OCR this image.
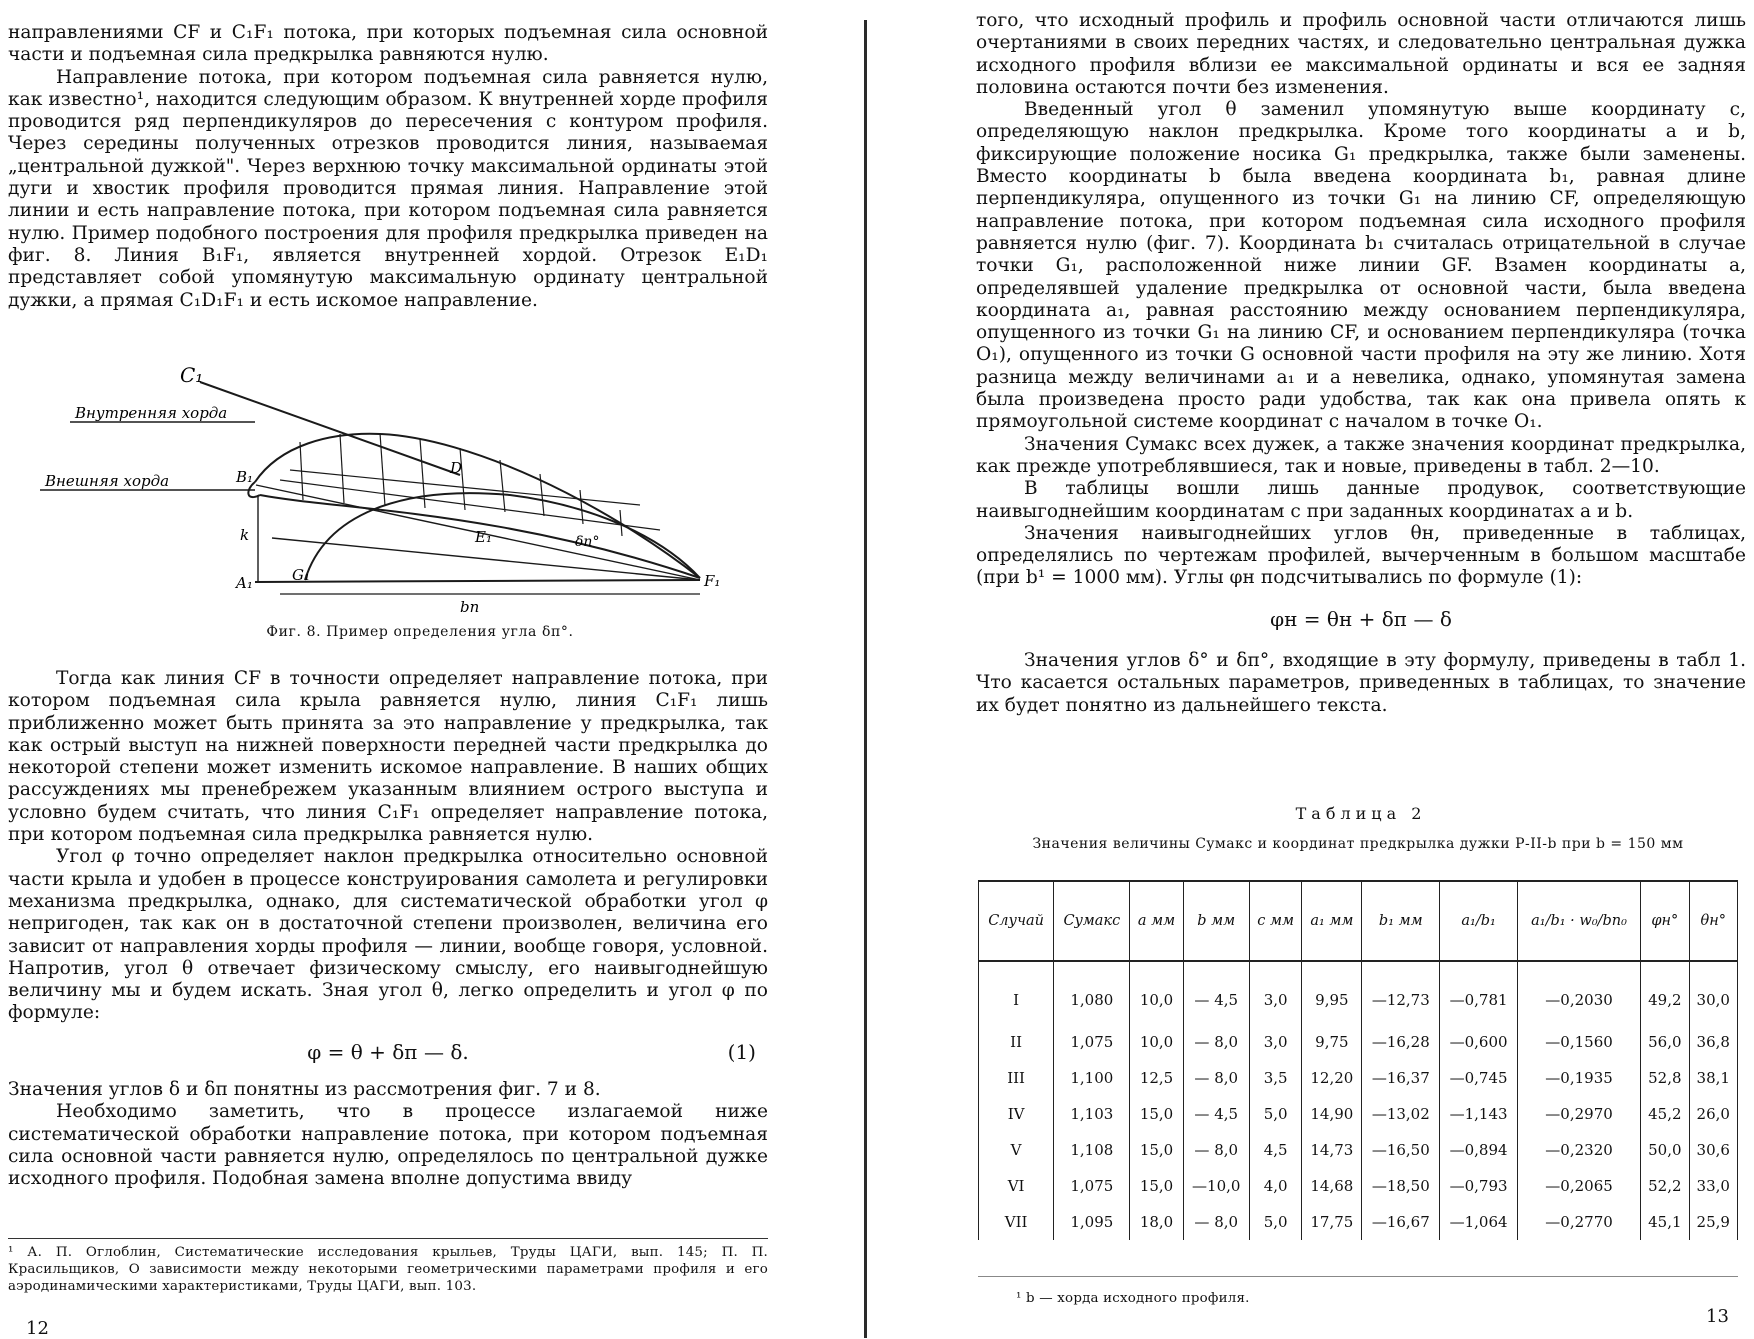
направлениями CF и C₁F₁ потока, при которых подъемная сила основной части и подъемная сила предкрылка равняются нулю.

Направление потока, при котором подъемная сила равняется нулю, как известно¹, находится следующим образом. К внутренней хорде профиля проводится ряд перпендикуляров до пересечения с контуром профиля. Через середины полученных отрезков проводится линия, называемая „центральной дужкой". Через верхнюю точку максимальной ординаты этой дуги и хвостик профиля проводится прямая линия. Направление этой линии и есть направление потока, при котором подъемная сила равняется нулю. Пример подобного построения для профиля предкрылка приведен на фиг. 8. Линия B₁F₁, является внутренней хордой. Отрезок E₁D₁ представляет собой упомянутую максимальную ординату центральной дужки, а прямая C₁D₁F₁ и есть искомое направление.

C₁
Внутренняя хорда
Внешняя хорда	B₁
k
A₁	G₁
D
E₁	δп°
bп
F₁
Фиг. 8. Пример определения угла δп°.

Тогда как линия CF в точности определяет направление потока, при котором подъемная сила крыла равняется нулю, линия C₁F₁ лишь приближенно может быть принята за это направление у предкрылка, так как острый выступ на нижней поверхности передней части предкрылка до некоторой степени может изменить искомое направление. В наших общих рассуждениях мы пренебрежем указанным влиянием острого выступа и условно будем считать, что линия C₁F₁ определяет направление потока, при котором подъемная сила предкрылка равняется нулю.

Угол φ точно определяет наклон предкрылка относительно основной части крыла и удобен в процессе конструирования самолета и регулировки механизма предкрылка, однако, для систематической обработки угол φ непригоден, так как он в достаточной степени произволен, величина его зависит от направления хорды профиля — линии, вообще говоря, условной. Напротив, угол θ отвечает физическому смыслу, его наивыгоднейшую величину мы и будем искать. Зная угол θ, легко определить и угол φ по формуле:

φ = θ + δп — δ.	(1)

Значения углов δ и δп понятны из рассмотрения фиг. 7 и 8.

Необходимо заметить, что в процессе излагаемой ниже систематической обработки направление потока, при котором подъемная сила основной части равняется нулю, определялось по центральной дужке исходного профиля. Подобная замена вполне допустима ввиду

¹ А. П. Оглоблин, Систематические исследования крыльев, Труды ЦАГИ, вып. 145; П. П. Красильщиков, О зависимости между некоторыми геометрическими параметрами профиля и его аэродинамическими характеристиками, Труды ЦАГИ, вып. 103.
12

того, что исходный профиль и профиль основной части отличаются лишь очертаниями в своих передних частях, и следовательно центральная дужка исходного профиля вблизи ее максимальной ординаты и вся ее задняя половина остаются почти без изменения.

Введенный угол θ заменил упомянутую выше координату c, определяющую наклон предкрылка. Кроме того координаты a и b, фиксирующие положение носика G₁ предкрылка, также были заменены. Вместо координаты b была введена координата b₁, равная длине перпендикуляра, опущенного из точки G₁ на линию CF, определяющую направление потока, при котором подъемная сила исходного профиля равняется нулю (фиг. 7). Координата b₁ считалась отрицательной в случае точки G₁, расположенной ниже линии GF. Взамен координаты a, определявшей удаление предкрылка от основной части, была введена координата a₁, равная расстоянию между основанием перпендикуляра, опущенного из точки G₁ на линию CF, и основанием перпендикуляра (точка O₁), опущенного из точки G основной части профиля на эту же линию. Хотя разница между величинами a₁ и a невелика, однако, упомянутая замена была произведена просто ради удобства, так как она привела опять к прямоугольной системе координат с началом в точке O₁.

Значения Cyмакс всех дужек, а также значения координат предкрылка, как прежде употреблявшиеся, так и новые, приведены в табл. 2—10.

В таблицы вошли лишь данные продувок, соответствующие наивыгоднейшим координатам c при заданных координатах a и b.

Значения наивыгоднейших углов θн, приведенные в таблицах, определялись по чертежам профилей, вычерченным в большом масштабе (при b¹ = 1000 мм). Углы φн подсчитывались по формуле (1):

φн = θн + δп — δ

Значения углов δ° и δп°, входящие в эту формулу, приведены в табл 1. Что касается остальных параметров, приведенных в таблицах, то значение их будет понятно из дальнейшего текста.

Таблица 2
Значения величины Cyмакс и координат предкрылка дужки Р-II-b при b = 150 мм
Случай	Cyмакс	a мм	b мм	c мм	a₁ мм	b₁ мм	a₁/b₁	a₁/b₁ · w₀/bп₀	φн°	θн°
I	1,080	10,0	— 4,5	3,0	9,95	—12,73	—0,781	—0,2030	49,2	30,0
II	1,075	10,0	— 8,0	3,0	9,75	—16,28	—0,600	—0,1560	56,0	36,8
III	1,100	12,5	— 8,0	3,5	12,20	—16,37	—0,745	—0,1935	52,8	38,1
IV	1,103	15,0	— 4,5	5,0	14,90	—13,02	—1,143	—0,2970	45,2	26,0
V	1,108	15,0	— 8,0	4,5	14,73	—16,50	—0,894	—0,2320	50,0	30,6
VI	1,075	15,0	—10,0	4,0	14,68	—18,50	—0,793	—0,2065	52,2	33,0
VII	1,095	18,0	— 8,0	5,0	17,75	—16,67	—1,064	—0,2770	45,1	25,9
¹ b — хорда исходного профиля.
13
